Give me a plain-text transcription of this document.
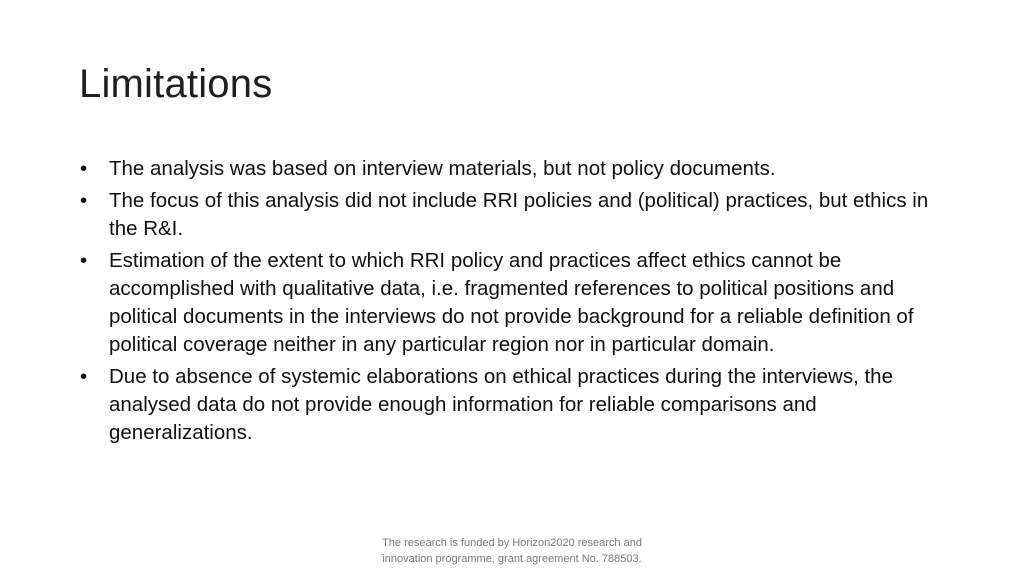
Limitations
• The analysis was based on interview materials, but not policy documents.
• The focus of this analysis did not include RRI policies and (political) practices, but ethics in the R&I.
• Estimation of the extent to which RRI policy and practices affect ethics cannot be accomplished with qualitative data, i.e. fragmented references to political positions and political documents in the interviews do not provide background for a reliable definition of political coverage neither in any particular region nor in particular domain.
• Due to absence of systemic elaborations on ethical practices during the interviews, the analysed data do not provide enough information for reliable comparisons and generalizations.
The research is funded by Horizon2020 research and
innovation programme, grant agreement No. 788503.
